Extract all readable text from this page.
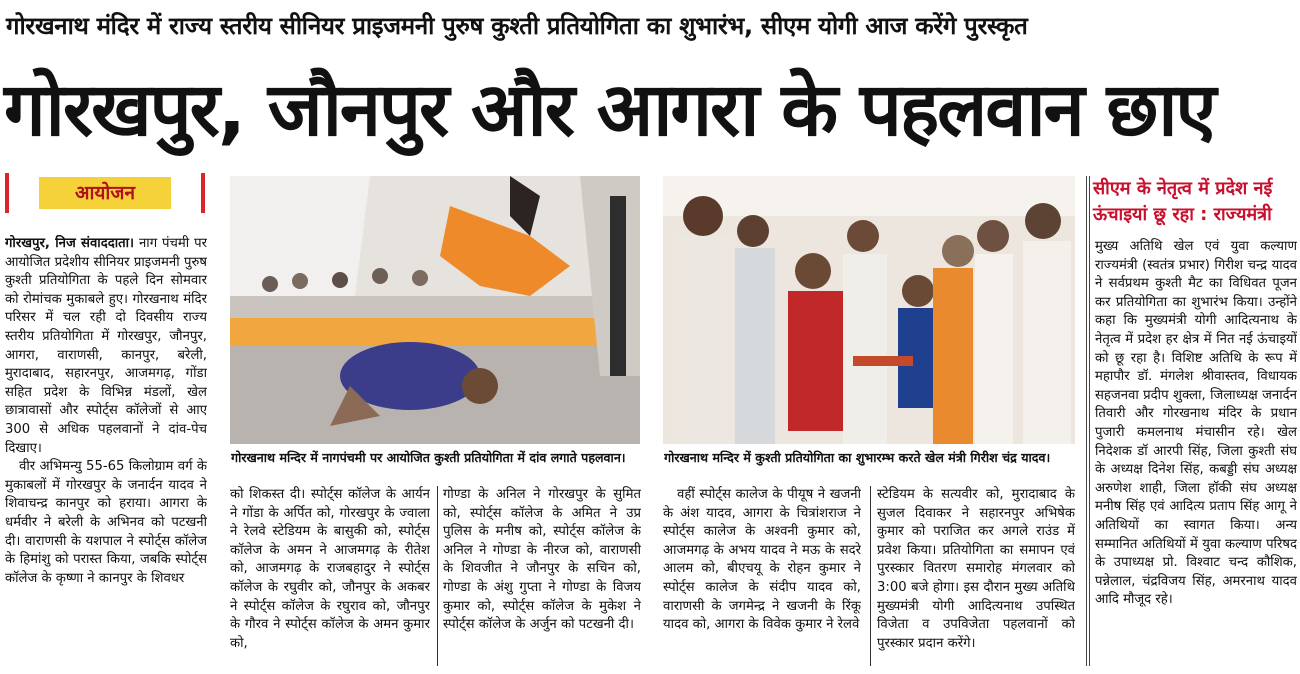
गोरखनाथ मंदिर में राज्य स्तरीय सीनियर प्राइजमनी पुरुष कुश्ती प्रतियोगिता का शुभारंभ, सीएम योगी आज करेंगे पुरस्कृत
गोरखपुर, जौनपुर और आगरा के पहलवान छाए
आयोजन

गोरखपुर, निज संवाददाता। नाग पंचमी पर आयोजित प्रदेशीय सीनियर प्राइजमनी पुरुष कुश्ती प्रतियोगिता के पहले दिन सोमवार को रोमांचक मुकाबले हुए। गोरखनाथ मंदिर परिसर में चल रही दो दिवसीय राज्य स्तरीय प्रतियोगिता में गोरखपुर, जौनपुर, आगरा, वाराणसी, कानपुर, बरेली, मुरादाबाद, सहारनपुर, आजमगढ़, गोंडा सहित प्रदेश के विभिन्न मंडलों, खेल छात्रावासों और स्पोर्ट्स कॉलेजों से आए 300 से अधिक पहलवानों ने दांव-पेच दिखाए।

वीर अभिमन्यु 55-65 किलोग्राम वर्ग के मुकाबलों में गोरखपुर के जनार्दन यादव ने शिवाचन्द्र कानपुर को हराया। आगरा के धर्मवीर ने बरेली के अभिनव को पटखनी दी। वाराणसी के यशपाल ने स्पोर्ट्स कॉलेज के हिमांशु को परास्त किया, जबकि स्पोर्ट्स कॉलेज के कृष्णा ने कानपुर के शिवधर

गोरखनाथ मन्दिर में नागपंचमी पर आयोजित कुश्ती प्रतियोगिता में दांव लगाते पहलवान।	गोरखनाथ मन्दिर में कुश्ती प्रतियोगिता का शुभारम्भ करते खेल मंत्री गिरीश चंद्र यादव।

को शिकस्त दी। स्पोर्ट्स कॉलेज के आर्यन ने गोंडा के अर्पित को, गोरखपुर के ज्वाला ने रेलवे स्टेडियम के बासुकी को, स्पोर्ट्स कॉलेज के अमन ने आजमगढ़ के रीतेश को, आजमगढ़ के राजबहादुर ने स्पोर्ट्स कॉलेज के रघुवीर को, जौनपुर के अकबर ने स्पोर्ट्स कॉलेज के रघुराव को, जौनपुर के गौरव ने स्पोर्ट्स कॉलेज के अमन कुमार को,

गोण्डा के अनिल ने गोरखपुर के सुमित को, स्पोर्ट्स कॉलेज के अमित ने उप्र पुलिस के मनीष को, स्पोर्ट्स कॉलेज के अनिल ने गोण्डा के नीरज को, वाराणसी के शिवजीत ने जौनपुर के सचिन को, गोण्डा के अंशु गुप्ता ने गोण्डा के विजय कुमार को, स्पोर्ट्स कॉलेज के मुकेश ने स्पोर्ट्स कॉलेज के अर्जुन को पटखनी दी।

वहीं स्पोर्ट्स कालेज के पीयूष ने खजनी के अंश यादव, आगरा के चित्रांशराज ने स्पोर्ट्स कालेज के अश्वनी कुमार को, आजमगढ़ के अभय यादव ने मऊ के सदरे आलम को, बीएचयू के रोहन कुमार ने स्पोर्ट्स कालेज के संदीप यादव को, वाराणसी के जगमेन्द्र ने खजनी के रिंकू यादव को, आगरा के विवेक कुमार ने रेलवे

स्टेडियम के सत्यवीर को, मुरादाबाद के सुजल दिवाकर ने सहारनपुर अभिषेक कुमार को पराजित कर अगले राउंड में प्रवेश किया। प्रतियोगिता का समापन एवं पुरस्कार वितरण समारोह मंगलवार को 3:00 बजे होगा। इस दौरान मुख्य अतिथि मुख्यमंत्री योगी आदित्यनाथ उपस्थित विजेता व उपविजेता पहलवानों को पुरस्कार प्रदान करेंगे।

सीएम के नेतृत्व में प्रदेश नई ऊंचाइयां छू रहा : राज्यमंत्री

मुख्य अतिथि खेल एवं युवा कल्याण राज्यमंत्री (स्वतंत्र प्रभार) गिरीश चन्द्र यादव ने सर्वप्रथम कुश्ती मैट का विधिवत पूजन कर प्रतियोगिता का शुभारंभ किया। उन्होंने कहा कि मुख्यमंत्री योगी आदित्यनाथ के नेतृत्व में प्रदेश हर क्षेत्र में नित नई ऊंचाइयों को छू रहा है। विशिष्ट अतिथि के रूप में महापौर डॉ. मंगलेश श्रीवास्तव, विधायक सहजनवा प्रदीप शुक्ला, जिलाध्यक्ष जनार्दन तिवारी और गोरखनाथ मंदिर के प्रधान पुजारी कमलनाथ मंचासीन रहे। खेल निदेशक डॉ आरपी सिंह, जिला कुश्ती संघ के अध्यक्ष दिनेश सिंह, कबड्डी संघ अध्यक्ष अरुणेश शाही, जिला हॉकी संघ अध्यक्ष मनीष सिंह एवं आदित्य प्रताप सिंह आगू ने अतिथियों का स्वागत किया। अन्य सम्मानित अतिथियों में युवा कल्याण परिषद के उपाध्यक्ष प्रो. विश्वाट चन्द कौशिक, पन्नेलाल, चंद्रविजय सिंह, अमरनाथ यादव आदि मौजूद रहे।
